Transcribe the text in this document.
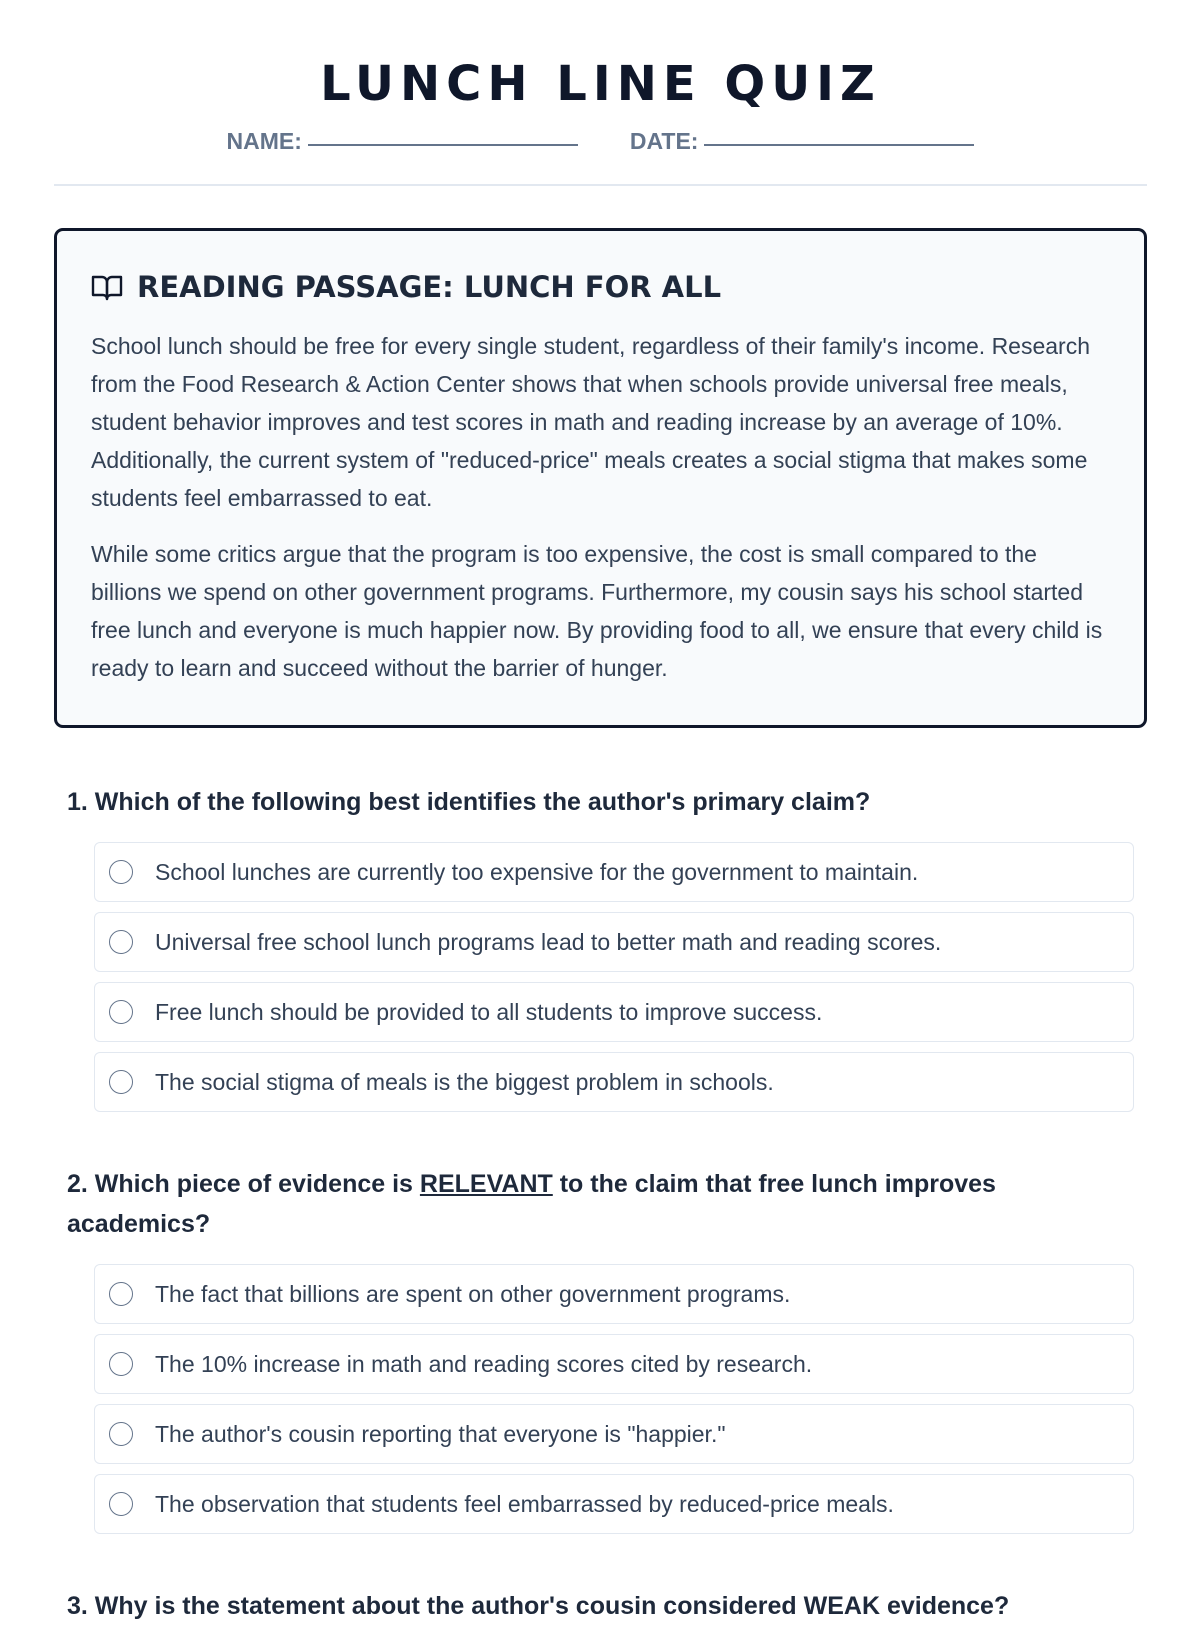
LUNCH LINE QUIZ
NAME:	DATE:
READING PASSAGE: LUNCH FOR ALL

School lunch should be free for every single student, regardless of their family's income. Research from the Food Research & Action Center shows that when schools provide universal free meals, student behavior improves and test scores in math and reading increase by an average of 10%. Additionally, the current system of "reduced-price" meals creates a social stigma that makes some students feel embarrassed to eat.

While some critics argue that the program is too expensive, the cost is small compared to the billions we spend on other government programs. Furthermore, my cousin says his school started free lunch and everyone is much happier now. By providing food to all, we ensure that every child is ready to learn and succeed without the barrier of hunger.

1. Which of the following best identifies the author's primary claim?
School lunches are currently too expensive for the government to maintain.
Universal free school lunch programs lead to better math and reading scores.
Free lunch should be provided to all students to improve success.
The social stigma of meals is the biggest problem in schools.
2. Which piece of evidence is RELEVANT to the claim that free lunch improves academics?
The fact that billions are spent on other government programs.
The 10% increase in math and reading scores cited by research.
The author's cousin reporting that everyone is "happier."
The observation that students feel embarrassed by reduced-price meals.
3. Why is the statement about the author's cousin considered WEAK evidence?
